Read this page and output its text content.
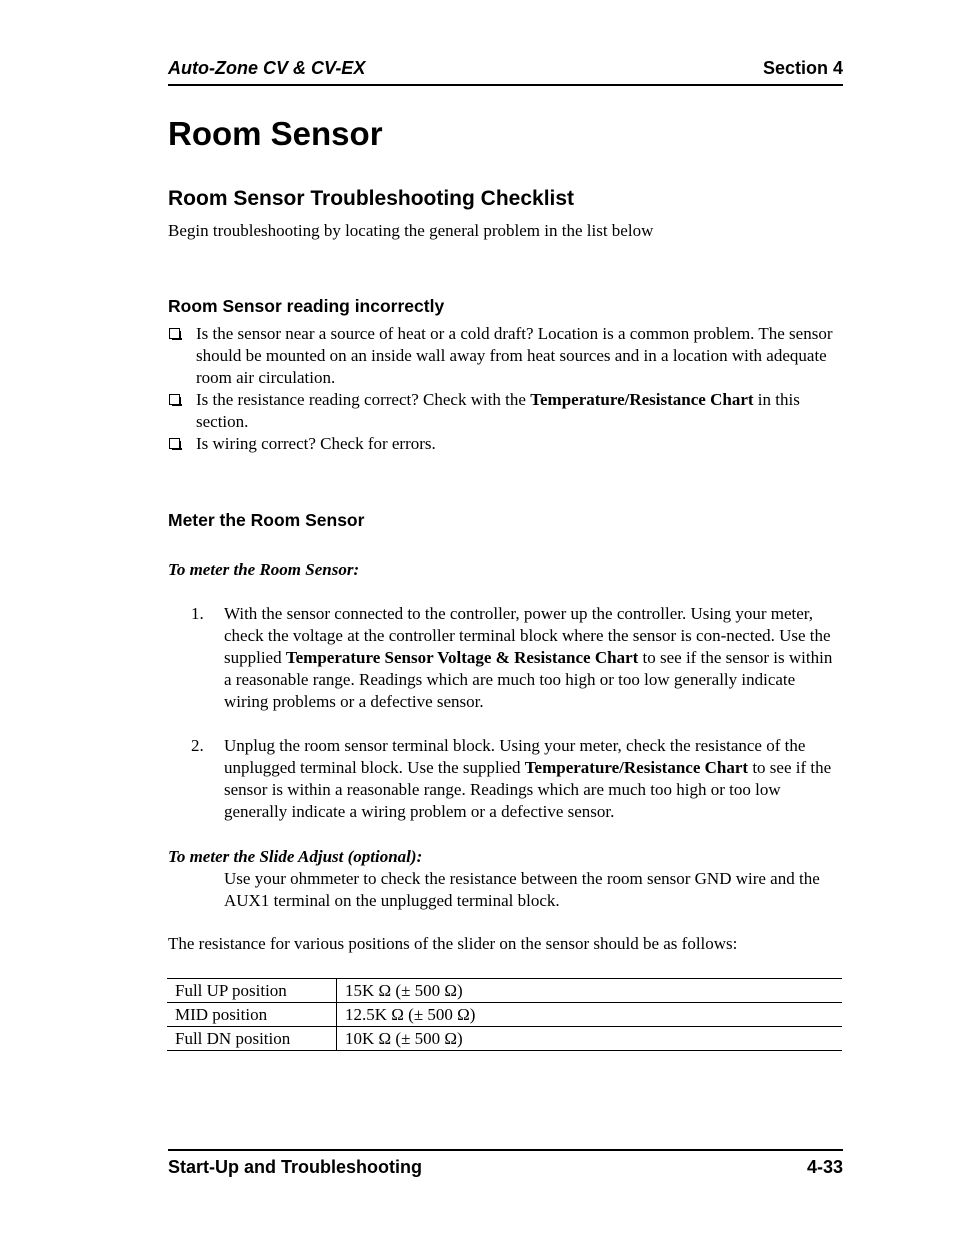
Auto-Zone CV & CV-EX	Section 4
Room Sensor
Room Sensor Troubleshooting Checklist

Begin troubleshooting by locating the general problem in the list below

Room Sensor reading incorrectly
Is the sensor near a source of heat or a cold draft? Location is a common problem. The sensor should be mounted on an inside wall away from heat sources and in a location with adequate room air circulation.
Is the resistance reading correct? Check with the Temperature/Resistance Chart in this section.
Is wiring correct? Check for errors.
Meter the Room Sensor

To meter the Room Sensor:

1. With the sensor connected to the controller, power up the controller. Using your meter, check the voltage at the controller terminal block where the sensor is con-nected. Use the supplied Temperature Sensor Voltage & Resistance Chart to see if the sensor is within a reasonable range. Readings which are much too high or too low generally indicate wiring problems or a defective sensor.
2. Unplug the room sensor terminal block. Using your meter, check the resistance of the unplugged terminal block. Use the supplied Temperature/Resistance Chart to see if the sensor is within a reasonable range. Readings which are much too high or too low generally indicate a wiring problem or a defective sensor.

To meter the Slide Adjust (optional):

Use your ohmmeter to check the resistance between the room sensor GND wire and the AUX1 terminal on the unplugged terminal block.

The resistance for various positions of the slider on the sensor should be as follows:

Full UP position	15K Ω (± 500 Ω)
MID position	12.5K Ω (± 500 Ω)
Full DN position	10K Ω (± 500 Ω)
Start-Up and Troubleshooting	4-33
